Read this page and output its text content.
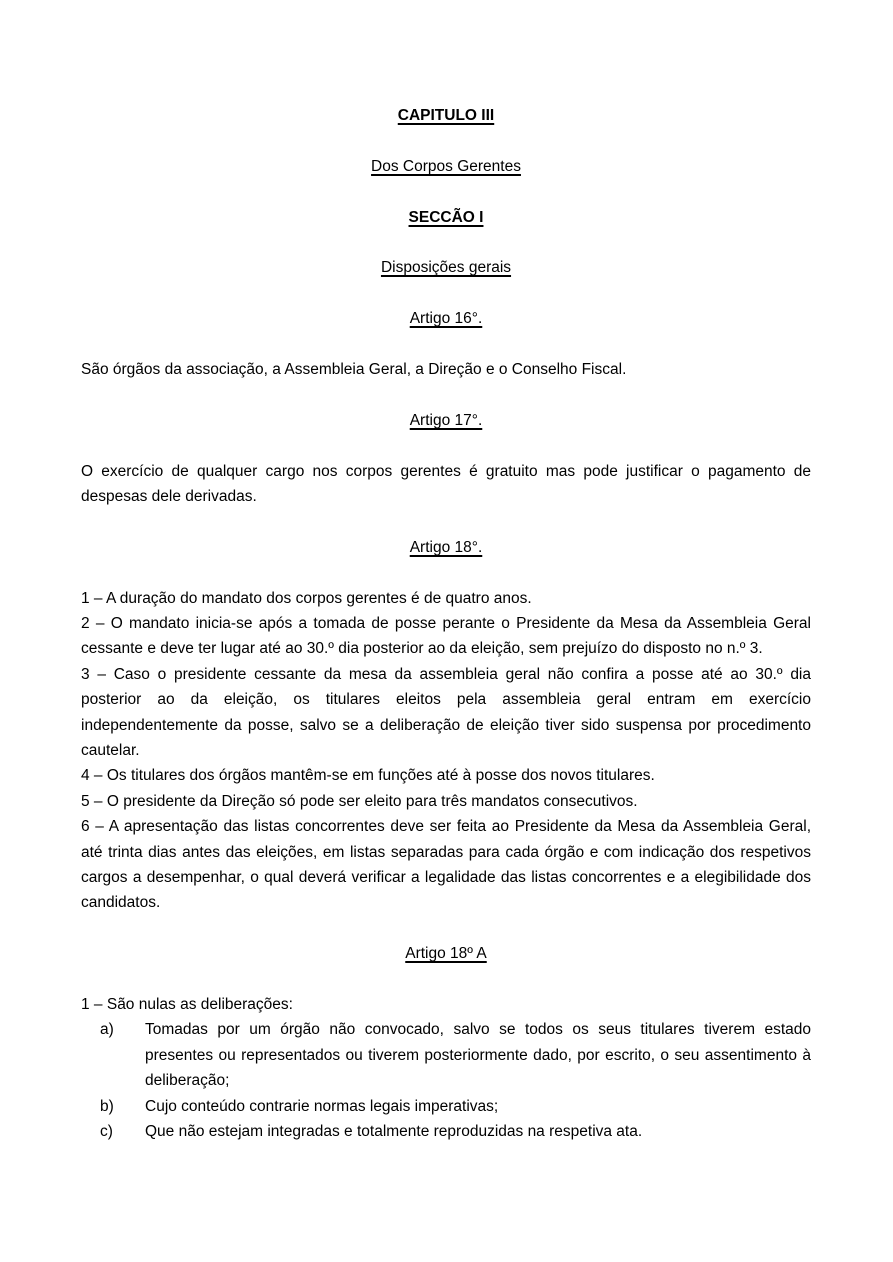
CAPITULO III

Dos Corpos Gerentes

SECCÃO I

Disposições gerais

Artigo 16°.

São órgãos da associação, a Assembleia Geral, a Direção e o Conselho Fiscal.

Artigo 17°.

O exercício de qualquer cargo nos corpos gerentes é gratuito mas pode justificar o pagamento de despesas dele derivadas.

Artigo 18°.

1 – A duração do mandato dos corpos gerentes é de quatro anos.

2 – O mandato inicia-se após a tomada de posse perante o Presidente da Mesa da Assembleia Geral cessante e deve ter lugar até ao 30.º dia posterior ao da eleição, sem prejuízo do disposto no n.º 3.

3 – Caso o presidente cessante da mesa da assembleia geral não confira a posse até ao 30.º dia posterior ao da eleição, os titulares eleitos pela assembleia geral entram em exercício independentemente da posse, salvo se a deliberação de eleição tiver sido suspensa por procedimento cautelar.

4 – Os titulares dos órgãos mantêm-se em funções até à posse dos novos titulares.

5 – O presidente da Direção só pode ser eleito para três mandatos consecutivos.

6 – A apresentação das listas concorrentes deve ser feita ao Presidente da Mesa da Assembleia Geral, até trinta dias antes das eleições, em listas separadas para cada órgão e com indicação dos respetivos cargos a desempenhar, o qual deverá verificar a legalidade das listas concorrentes e a elegibilidade dos candidatos.

Artigo 18º A

1 – São nulas as deliberações:

a)	Tomadas por um órgão não convocado, salvo se todos os seus titulares tiverem estado presentes ou representados ou tiverem posteriormente dado, por escrito, o seu assentimento à deliberação;
b)	Cujo conteúdo contrarie normas legais imperativas;
c)	Que não estejam integradas e totalmente reproduzidas na respetiva ata.
